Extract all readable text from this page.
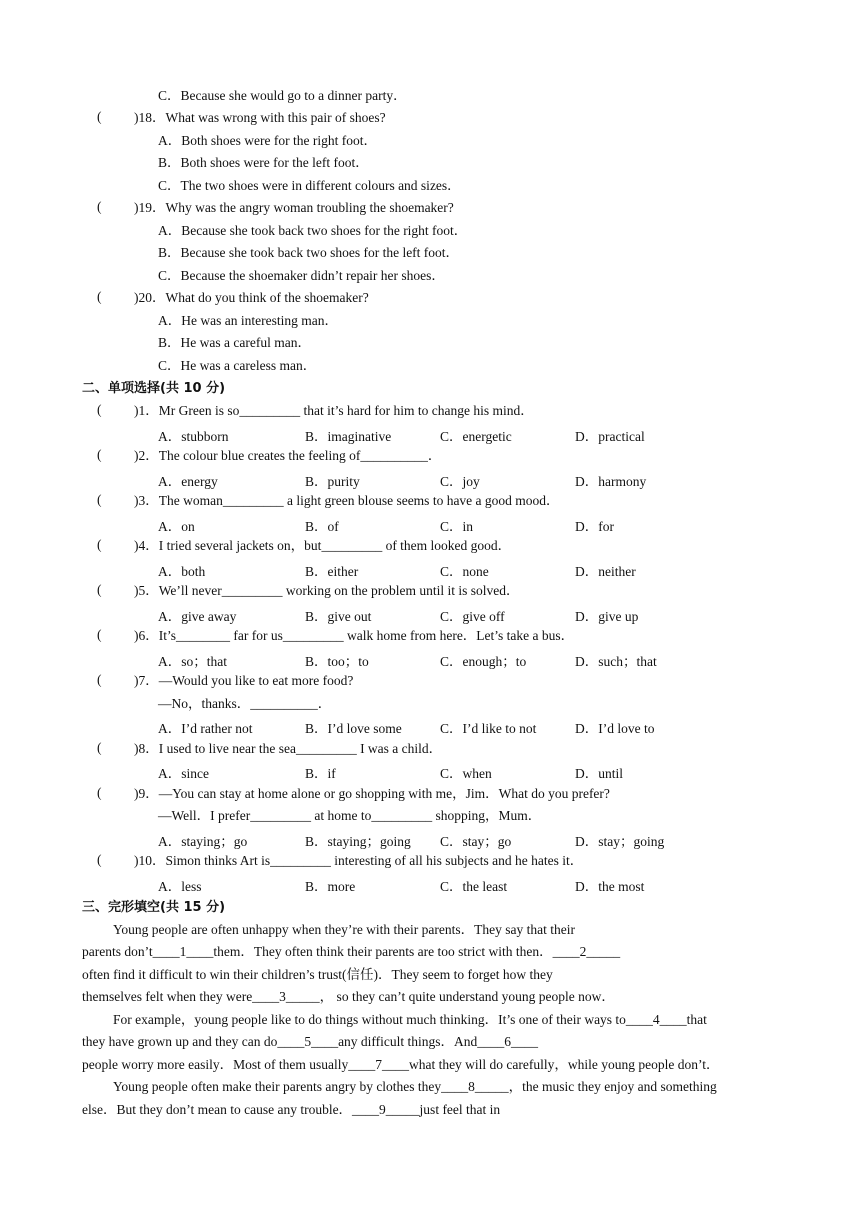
C．Because she would go to a dinner party．
( )18．What was wrong with this pair of shoes?
A．Both shoes were for the right foot．
B．Both shoes were for the left foot．
C．The two shoes were in different colours and sizes．
( )19．Why was the angry woman troubling the shoemaker?
A．Because she took back two shoes for the right foot．
B．Because she took back two shoes for the left foot．
C．Because the shoemaker didn’t repair her shoes．
( )20．What do you think of the shoemaker?
A．He was an interesting man．
B．He was a careful man．
C．He was a careless man．
二、单项选择(共 10 分)
( )1．Mr Green is so_________ that it’s hard for him to change his mind．
A．stubborn	B．imaginative	C．energetic	D．practical
( )2．The colour blue creates the feeling of__________．
A．energy	B．purity	C．joy	D．harmony
( )3．The woman_________ a light green blouse seems to have a good mood．
A．on	B．of	C．in	D．for
( )4．I tried several jackets on，but_________ of them looked good．
A．both	B．either	C．none	D．neither
( )5．We’ll never_________ working on the problem until it is solved．
A．give away	B．give out	C．give off	D．give up
( )6．It’s________ far for us_________ walk home from here．Let’s take a bus．
A．so；that	B．too；to	C．enough；to	D．such；that
( )7．—Would you like to eat more food?
—No，thanks．__________．
A．I’d rather not	B．I’d love some	C．I’d like to not	D．I’d love to
( )8．I used to live near the sea_________ I was a child．
A．since	B．if	C．when	D．until
( )9．—You can stay at home alone or go shopping with me，Jim．What do you prefer?
—Well．I prefer_________ at home to_________ shopping，Mum．
A．staying；go	B．staying；going C．stay；go	D．stay；going
( )10．Simon thinks Art is_________ interesting of all his subjects and he hates it．
A．less	B．more	C．the least	D．the most
三、完形填空(共 15 分)
Young people are often unhappy when they’re with their parents．They say that their
parents don’t____1____them．They often think their parents are too strict with then．____2_____
often find it difficult to win their children’s trust(信任)．They seem to forget how they
themselves felt when they were____3_____， so they can’t quite understand young people now．
For example，young people like to do things without much thinking．It’s one of their ways to____4____that
they have grown up and they can do____5____any difficult things．And____6____
people worry more easily．Most of them usually____7____what they will do carefully，while young people don’t．
Young people often make their parents angry by clothes they____8_____，the music they enjoy and something
else．But they don’t mean to cause any trouble．____9_____just feel that in
